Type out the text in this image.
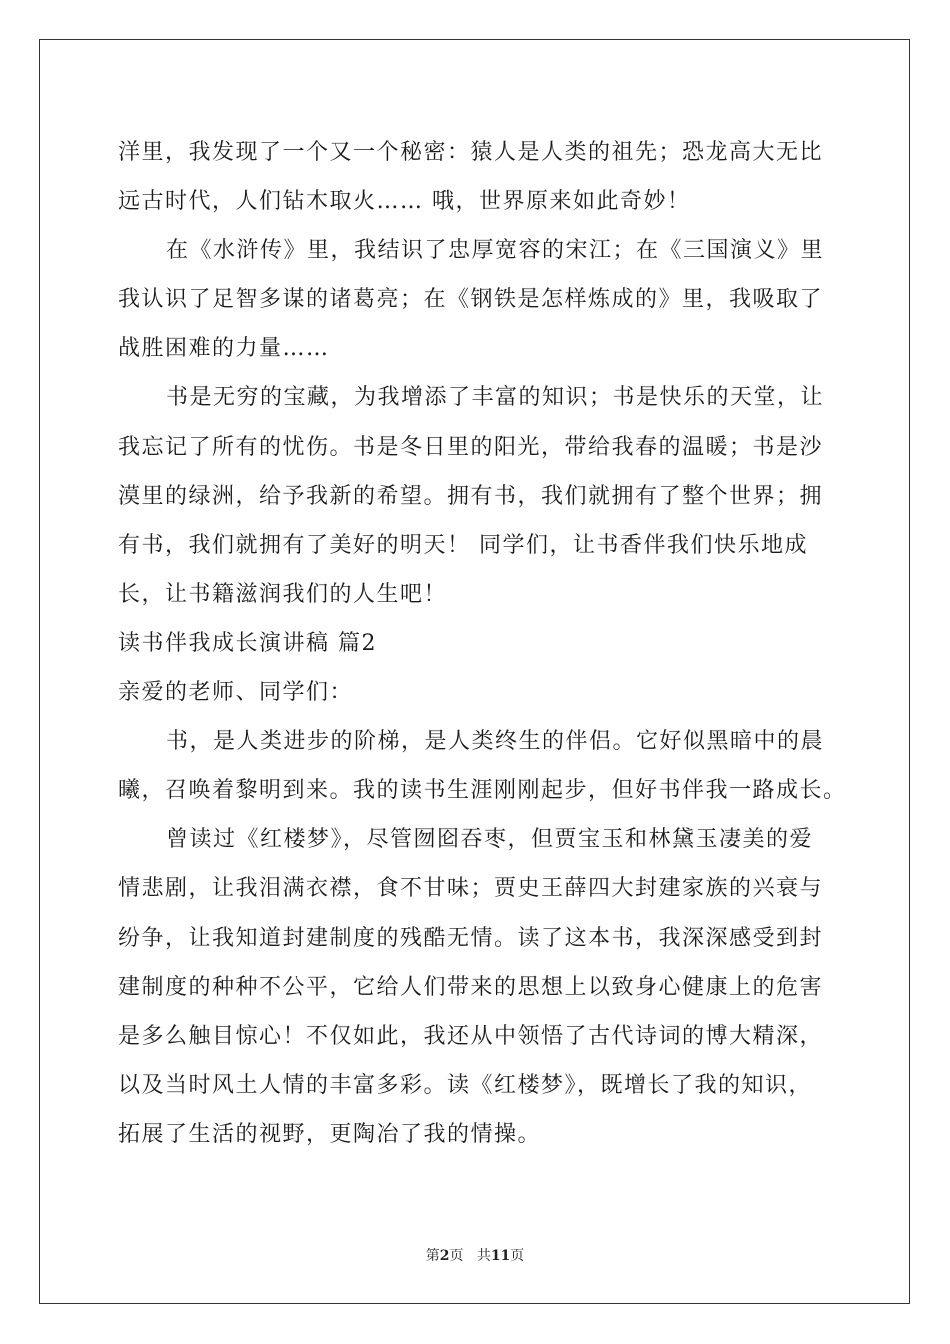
洋里，我发现了一个又一个秘密：猿人是人类的祖先；恐龙高大无比
远古时代，人们钻木取火…… 哦，世界原来如此奇妙！
在《水浒传》里，我结识了忠厚宽容的宋江；在《三国演义》里
我认识了足智多谋的诸葛亮；在《钢铁是怎样炼成的》里，我吸取了
战胜困难的力量……
书是无穷的宝藏，为我增添了丰富的知识；书是快乐的天堂，让
我忘记了所有的忧伤。书是冬日里的阳光，带给我春的温暖；书是沙
漠里的绿洲，给予我新的希望。拥有书，我们就拥有了整个世界；拥
有书，我们就拥有了美好的明天！ 同学们，让书香伴我们快乐地成
长，让书籍滋润我们的人生吧！
读书伴我成长演讲稿 篇2
亲爱的老师、同学们：
书，是人类进步的阶梯，是人类终生的伴侣。它好似黑暗中的晨
曦，召唤着黎明到来。我的读书生涯刚刚起步，但好书伴我一路成长。
曾读过《红楼梦》，尽管囫囵吞枣，但贾宝玉和林黛玉凄美的爱
情悲剧，让我泪满衣襟，食不甘味；贾史王薛四大封建家族的兴衰与
纷争，让我知道封建制度的残酷无情。读了这本书，我深深感受到封
建制度的种种不公平，它给人们带来的思想上以致身心健康上的危害
是多么触目惊心！不仅如此，我还从中领悟了古代诗词的博大精深，
以及当时风土人情的丰富多彩。读《红楼梦》，既增长了我的知识，
拓展了生活的视野，更陶冶了我的情操。
第2页 共11页
